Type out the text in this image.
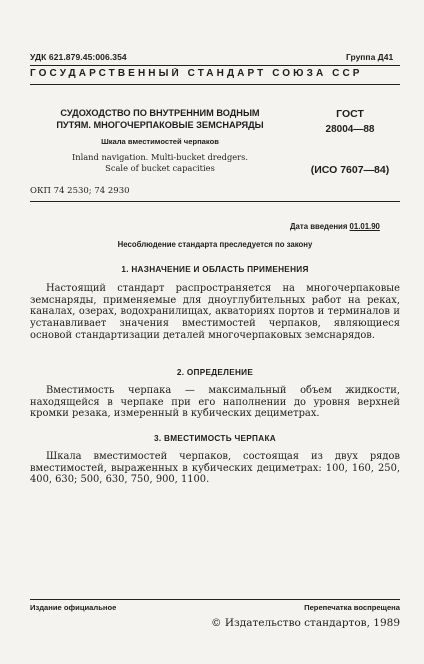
УДК 621.879.45:006.354	Группа Д41
ГОСУДАРСТВЕННЫЙ СТАНДАРТ СОЮЗА ССР
СУДОХОДСТВО ПО ВНУТРЕННИМ ВОДНЫМ
ПУТЯМ. МНОГОЧЕРПАКОВЫЕ ЗЕМСНАРЯДЫ
Шкала вместимостей черпаков
Inland navigation. Multi-bucket dredgers.
Scale of bucket capacities
ГОСТ
28004—88
(ИСО 7607—84)
ОКП 74 2530; 74 2930
Дата введения 01.01.90
Несоблюдение стандарта преследуется по закону
1. НАЗНАЧЕНИЕ И ОБЛАСТЬ ПРИМЕНЕНИЯ
Настоящий стандарт распространяется на многочерпаковые земснаряды, применяемые для дноуглубительных работ на реках, каналах, озерах, водохранилищах, акваториях портов и терминалов и устанавливает значения вместимостей черпаков, являющиеся основой стандартизации деталей многочерпаковых земснарядов.
2. ОПРЕДЕЛЕНИЕ
Вместимость черпака — максимальный объем жидкости, находящейся в черпаке при его наполнении до уровня верхней кромки резака, измеренный в кубических дециметрах.
3. ВМЕСТИМОСТЬ ЧЕРПАКА
Шкала вместимостей черпаков, состоящая из двух рядов вместимостей, выраженных в кубических дециметрах: 100, 160, 250, 400, 630; 500, 630, 750, 900, 1100.
Издание официальное	Перепечатка воспрещена
© Издательство стандартов, 1989
